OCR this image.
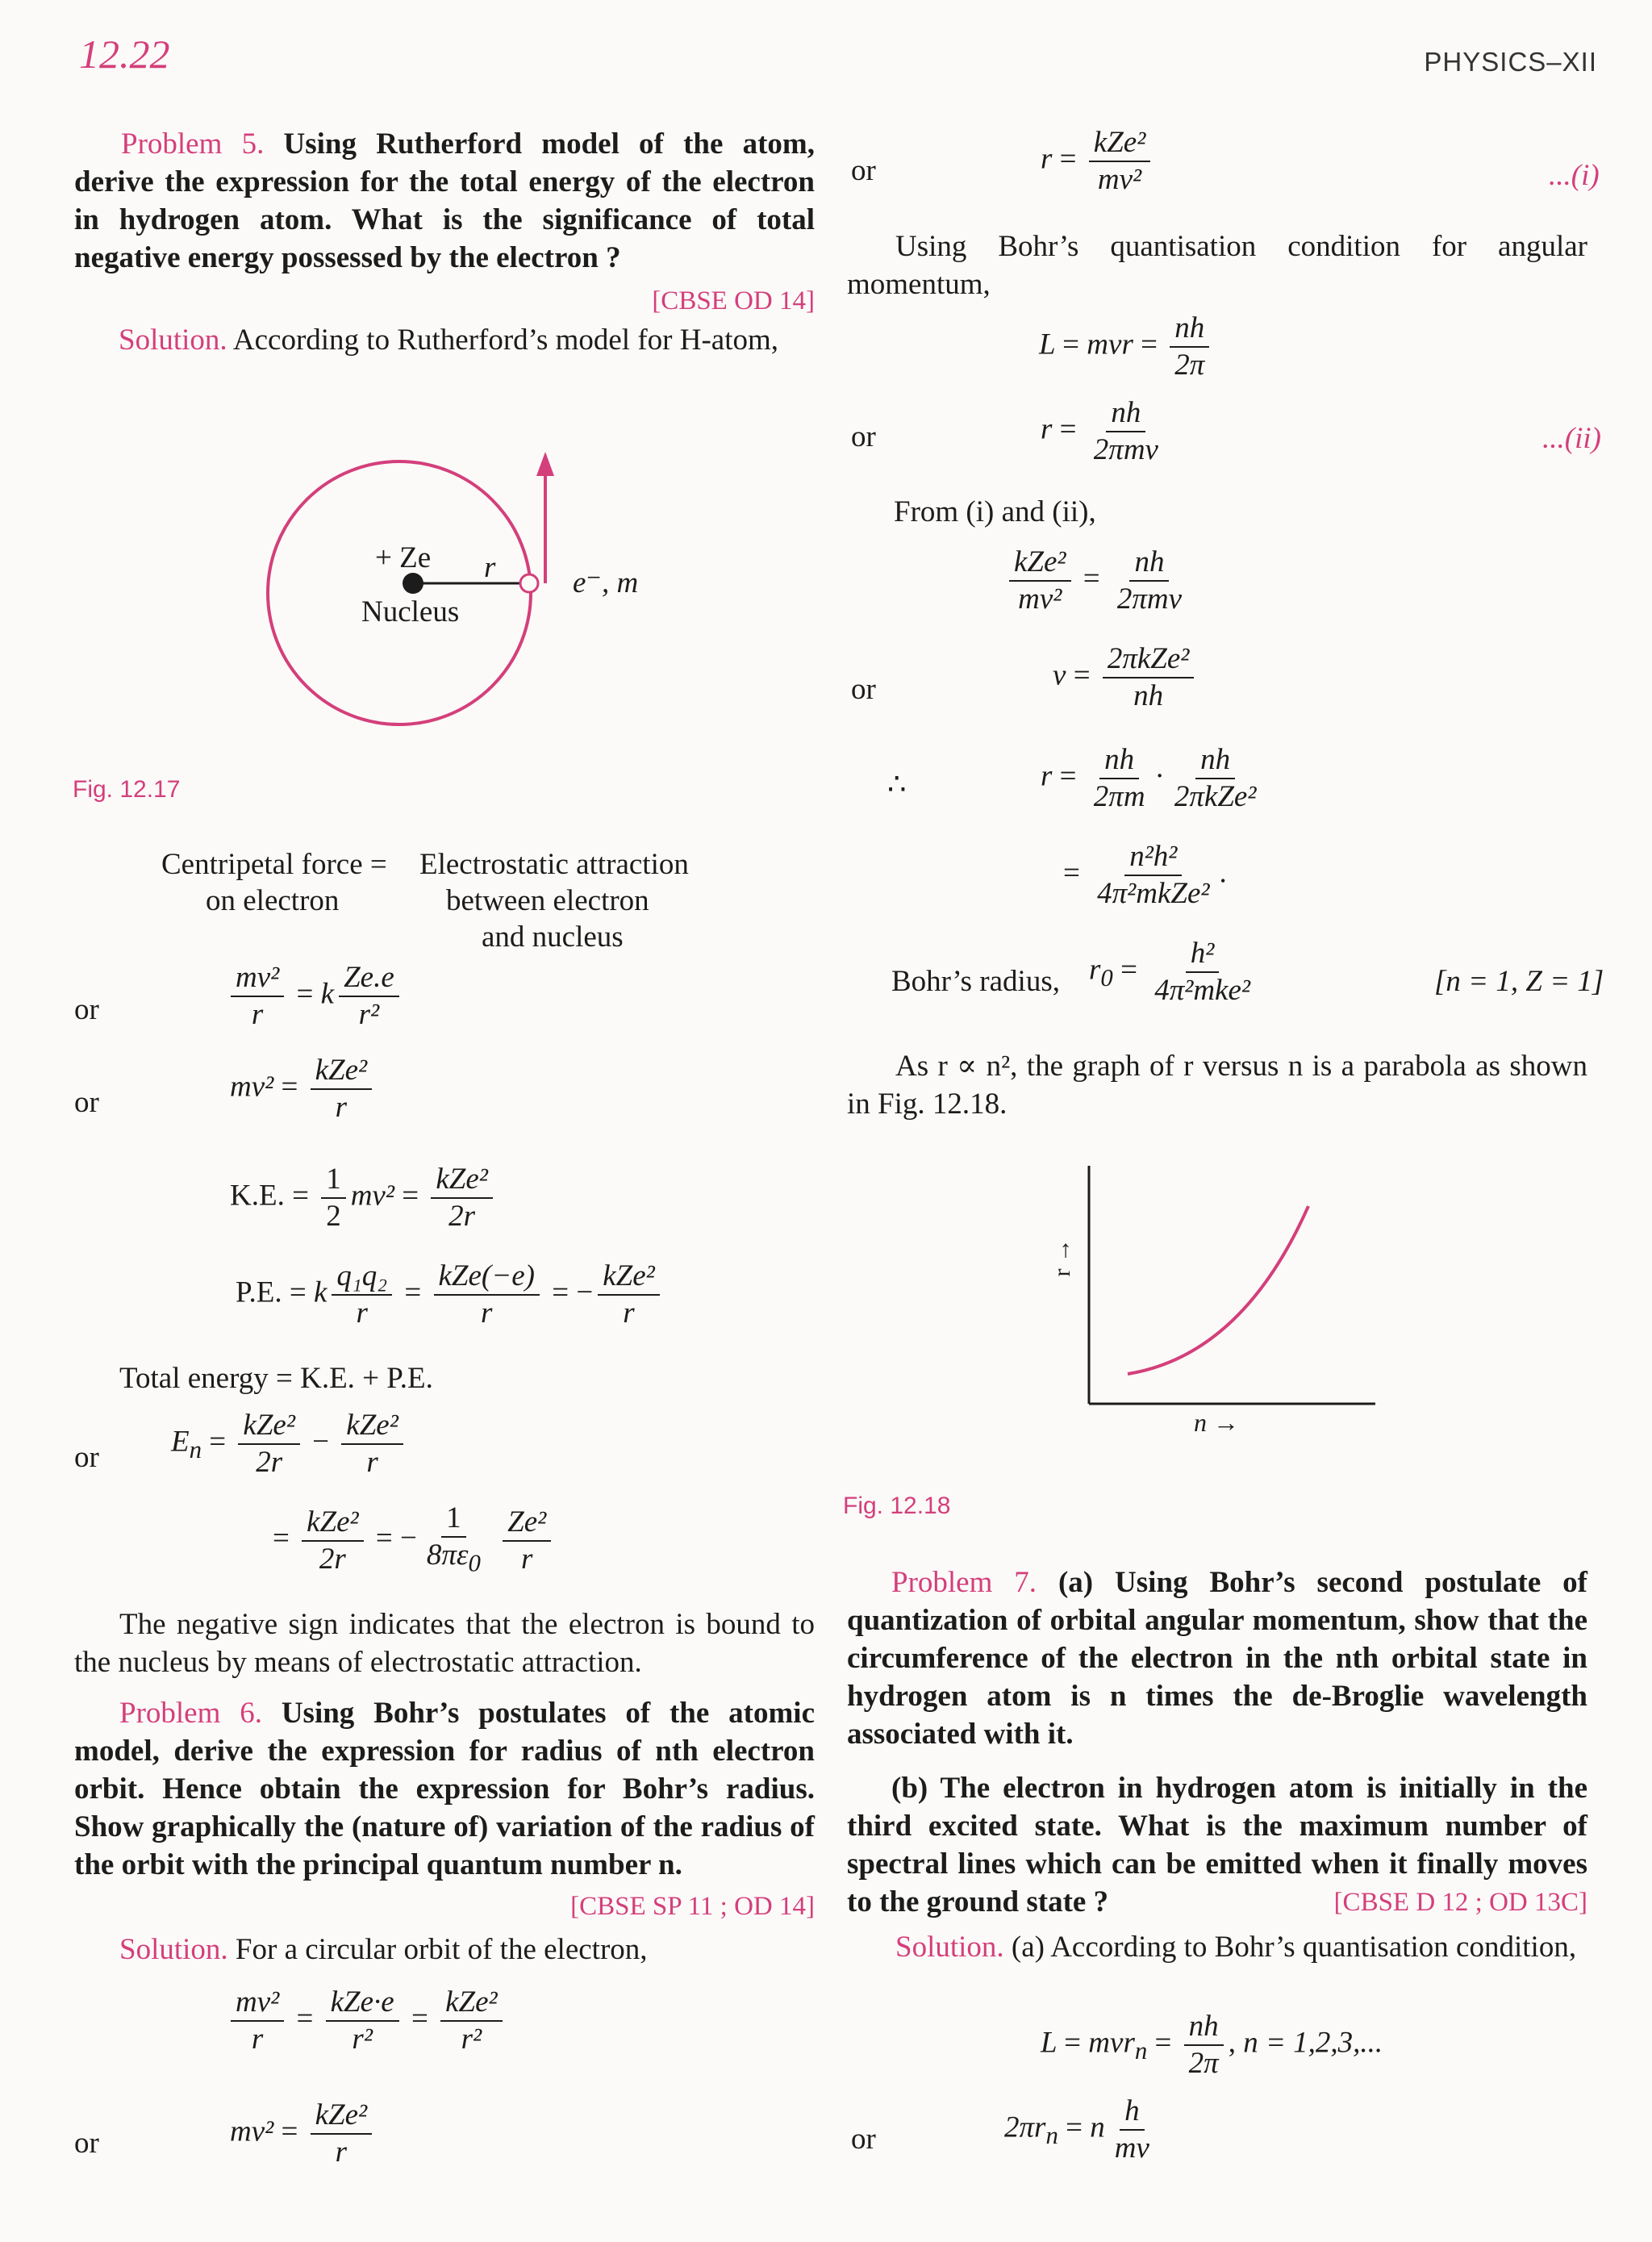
12.22	PHYSICS–XII
Problem 5. Using Rutherford model of the atom, derive the expression for the total energy of the electron in hydrogen atom. What is the significance of total negative energy possessed by the electron ?
[CBSE OD 14]
Solution. According to Rutherford’s model for H-atom,
+ Ze r
Nucleus
e⁻, m
Fig. 12.17
Centripetal force =
on electron
Electrostatic attraction
between electron
and nucleus
or	$\frac{\text{mv²}}{r} = k \frac{Ze.e}{\text{r²}}$
or	$mv^2 = \frac{\text{kZe²}}{r}$
K.E. = $\frac{1}{2} mv^2 = \frac{\text{kZe²}}{2r}$
P.E. = k $\frac{\text{q₁q₂}}{r} = \frac{\text{kZe(−e)}}{r}$ = − $\frac{\text{kZe²}}{r}$
Total energy = K.E. + P.E.
or $E_n = \frac{\text{kZe²}}{2r} - \frac{\text{kZe²}}{r}$
= $\frac{\text{kZe²}}{2r}$ = − $\frac{1}{8\pi\varepsilon_0}$
$\frac{\text{Ze²}}{r}$
The negative sign indicates that the electron is bound to the nucleus by means of electrostatic attraction.
Problem 6. Using Bohr’s postulates of the atomic model, derive the expression for radius of nth electron orbit. Hence obtain the expression for Bohr’s radius. Show graphically the (nature of) variation of the radius of the orbit with the principal quantum number n.
[CBSE SP 11 ; OD 14]
Solution. For a circular orbit of the electron,
$\frac{\text{mv²}}{r} = \frac{\text{kZe·e}}{\text{r²}} = \frac{\text{kZe²}}{\text{r²}}$
or	$mv^2 = \frac{\text{kZe²}}{r}$
or	$r = \frac{\text{kZe²}}{\text{mv²}}$	...(i)
Using Bohr’s quantisation condition for angular momentum,
L = mvr = $\frac{nh}{2\pi}$
or	$r = \frac{nh}{\text{2πmv}}$	...(ii)
From (i) and (ii),
$\frac{\text{kZe²}}{\text{mv²}} = \frac{nh}{\text{2πmv}}$
or	$v = \frac{\text{2πkZe²}}{nh}$
∴	$r = \frac{nh}{2\pi m} \cdot \frac{nh}{\text{2πkZe²}}$
= $\frac{\text{n²h²}}{\text{4π²mkZe²}}$ .
Bohr’s radius, $r_0 = \frac{\text{h²}}{\text{4π²mke²}}$	[n = 1, Z = 1]
As r ∝ n², the graph of r versus n is a parabola as shown in Fig. 12.18.
r →
n →
Fig. 12.18
Problem 7. (a) Using Bohr’s second postulate of quantization of orbital angular momentum, show that the circumference of the electron in the nth orbital state in hydrogen atom is n times the de-Broglie wavelength associated with it.
(b) The electron in hydrogen atom is initially in the third excited state. What is the maximum number of spectral lines which can be emitted when it finally moves to the ground state ?	[CBSE D 12 ; OD 13C]
Solution. (a) According to Bohr’s quantisation condition,
$L = mvr_n = \frac{nh}{2\pi}$ , n = 1,2,3,...
or	$2\pi r_n = n \frac{h}{mv}$
